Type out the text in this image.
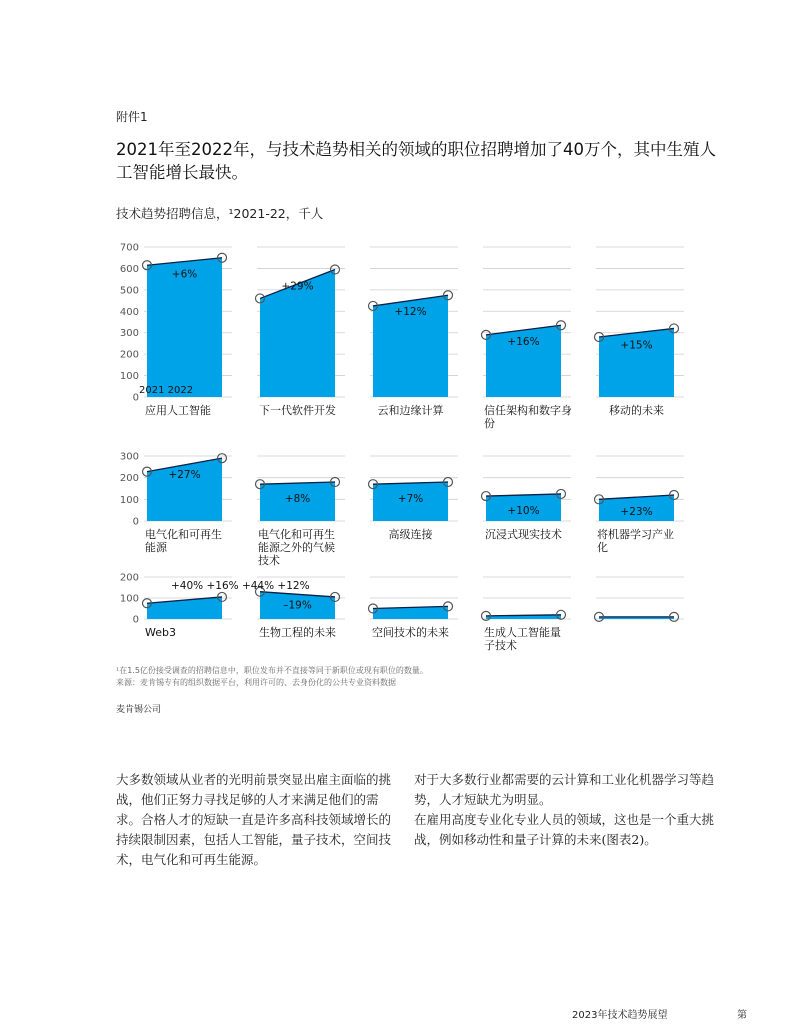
附件1
2021年至2022年，与技术趋势相关的领域的职位招聘增加了40万个，其中生殖人工智能增长最快。
技术趋势招聘信息，¹2021-22，千人
0
100
200
300
400
500
600
700
+6%
应用人工智能
+29%
下一代软件开发
+12%
云和边缘计算
+16%
信任架构和数字身
份
+15%
移动的未来
0
100
200
300
+27%
电气化和可再生
能源
+8%
电气化和可再生
能源之外的气候
技术
+7%
高级连接
+10%
沉浸式现实技术
+23%
将机器学习产业
化
0
100
200
Web3
–19%
生物工程的未来	空间技术的未来	生成人工智能量
子技术
+40% +16% +44% +12%
2021 2022
¹在1.5亿份接受调查的招聘信息中，职位发布并不直接等同于新职位或现有职位的数量。
来源：麦肯锡专有的组织数据平台，利用许可的、去身份化的公共专业资料数据
麦肯锡公司

大多数领域从业者的光明前景突显出雇主面临的挑战，他们正努力寻找足够的人才来满足他们的需求。合格人才的短缺一直是许多高科技领域增长的持续限制因素，包括人工智能，量子技术，空间技术，电气化和可再生能源。

对于大多数行业都需要的云计算和工业化机器学习等趋势，人才短缺尤为明显。

在雇用高度专业化专业人员的领域，这也是一个重大挑战，例如移动性和量子计算的未来(图表2)。

2023年技术趋势展望	第
